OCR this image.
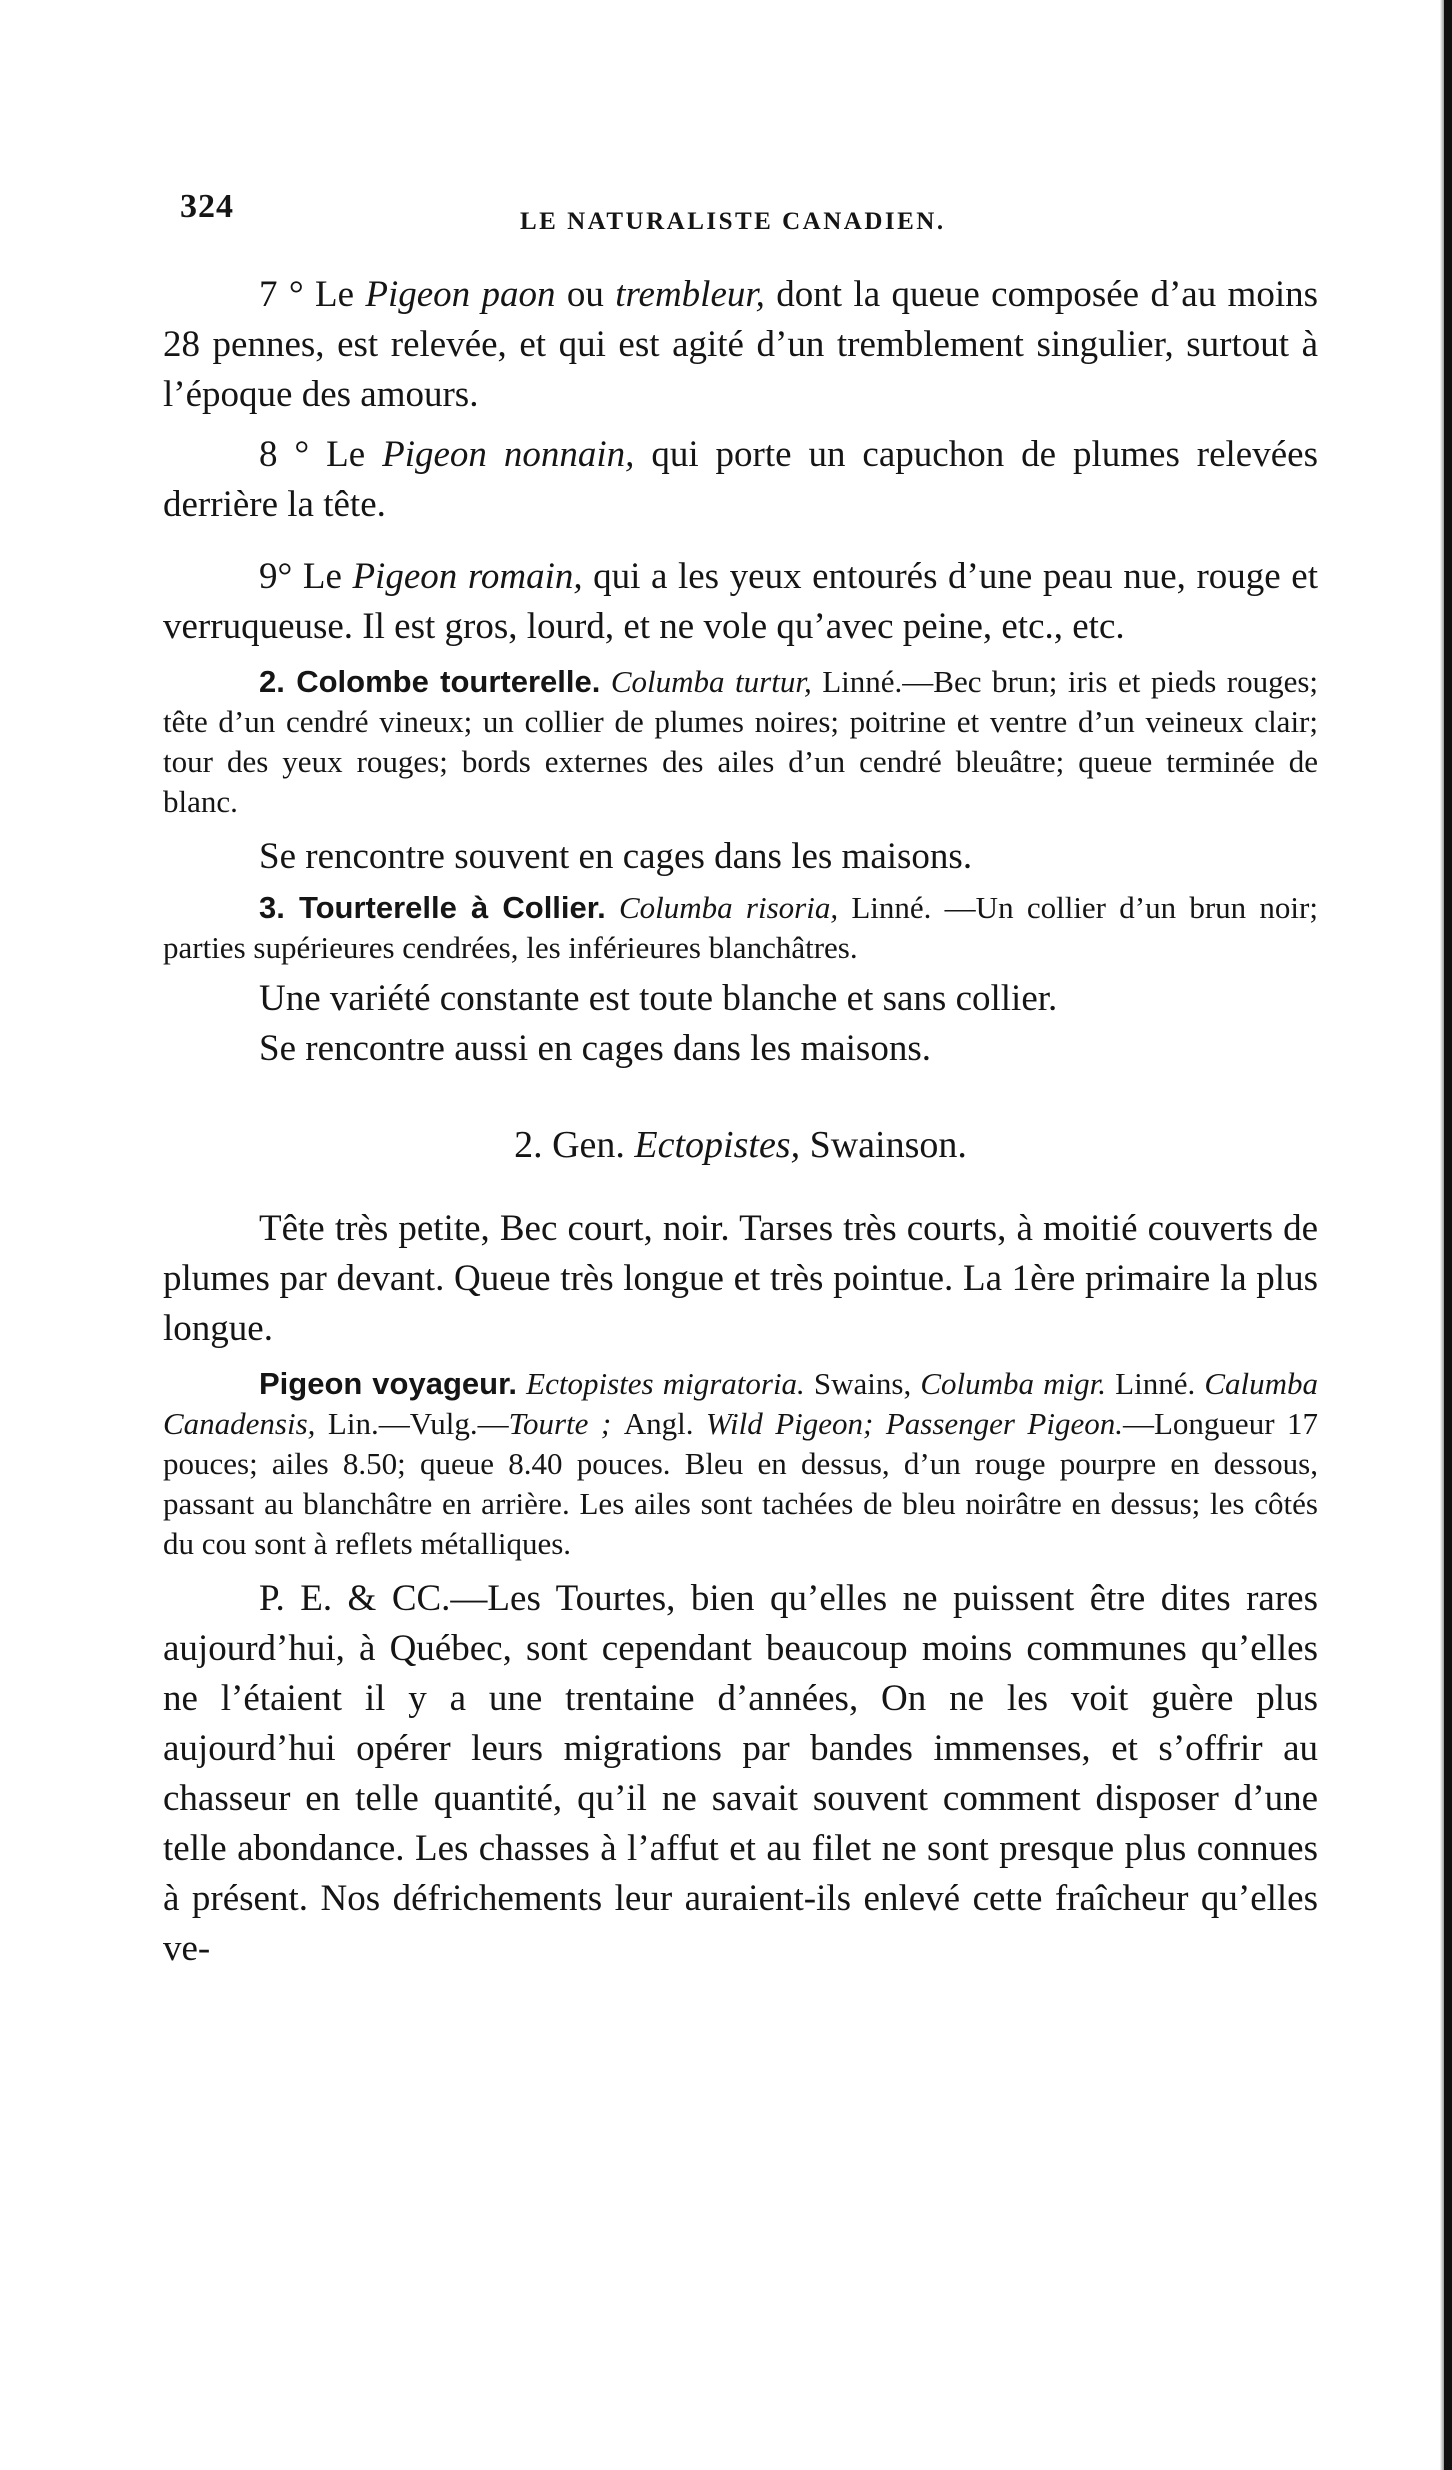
324	LE NATURALISTE CANADIEN.

7 ° Le Pigeon paon ou trembleur, dont la queue composée d’au moins 28 pennes, est relevée, et qui est agité d’un tremblement singulier, surtout à l’époque des amours.

8 ° Le Pigeon nonnain, qui porte un capuchon de plumes relevées derrière la tête.

9° Le Pigeon romain, qui a les yeux entourés d’une peau nue, rouge et verruqueuse. Il est gros, lourd, et ne vole qu’avec peine, etc., etc.

2. Colombe tourterelle. Columba turtur, Linné.—Bec brun; iris et pieds rouges; tête d’un cendré vineux; un collier de plumes noires; poitrine et ventre d’un veineux clair; tour des yeux rouges; bords externes des ailes d’un cendré bleuâtre; queue terminée de blanc.

Se rencontre souvent en cages dans les maisons.

3. Tourterelle à Collier. Columba risoria, Linné. —Un collier d’un brun noir; parties supérieures cendrées, les inférieures blanchâtres.

Une variété constante est toute blanche et sans collier.

Se rencontre aussi en cages dans les maisons.

2. Gen. Ectopistes, Swainson.

Tête très petite, Bec court, noir. Tarses très courts, à moitié couverts de plumes par devant. Queue très longue et très pointue. La 1ère primaire la plus longue.

Pigeon voyageur. Ectopistes migratoria. Swains, Columba migr. Linné. Calumba Canadensis, Lin.—Vulg.—Tourte ; Angl. Wild Pigeon; Passenger Pigeon.—Longueur 17 pouces; ailes 8.50; queue 8.40 pouces. Bleu en dessus, d’un rouge pourpre en dessous, passant au blanchâtre en arrière. Les ailes sont tachées de bleu noirâtre en dessus; les côtés du cou sont à reflets métalliques.

P. E. & CC.—Les Tourtes, bien qu’elles ne puissent être dites rares aujourd’hui, à Québec, sont cependant beaucoup moins communes qu’elles ne l’étaient il y a une trentaine d’années, On ne les voit guère plus aujourd’hui opérer leurs migrations par bandes immenses, et s’offrir au chasseur en telle quantité, qu’il ne savait souvent comment disposer d’une telle abondance. Les chasses à l’affut et au filet ne sont presque plus connues à présent. Nos défrichements leur auraient-ils enlevé cette fraîcheur qu’elles ve-
